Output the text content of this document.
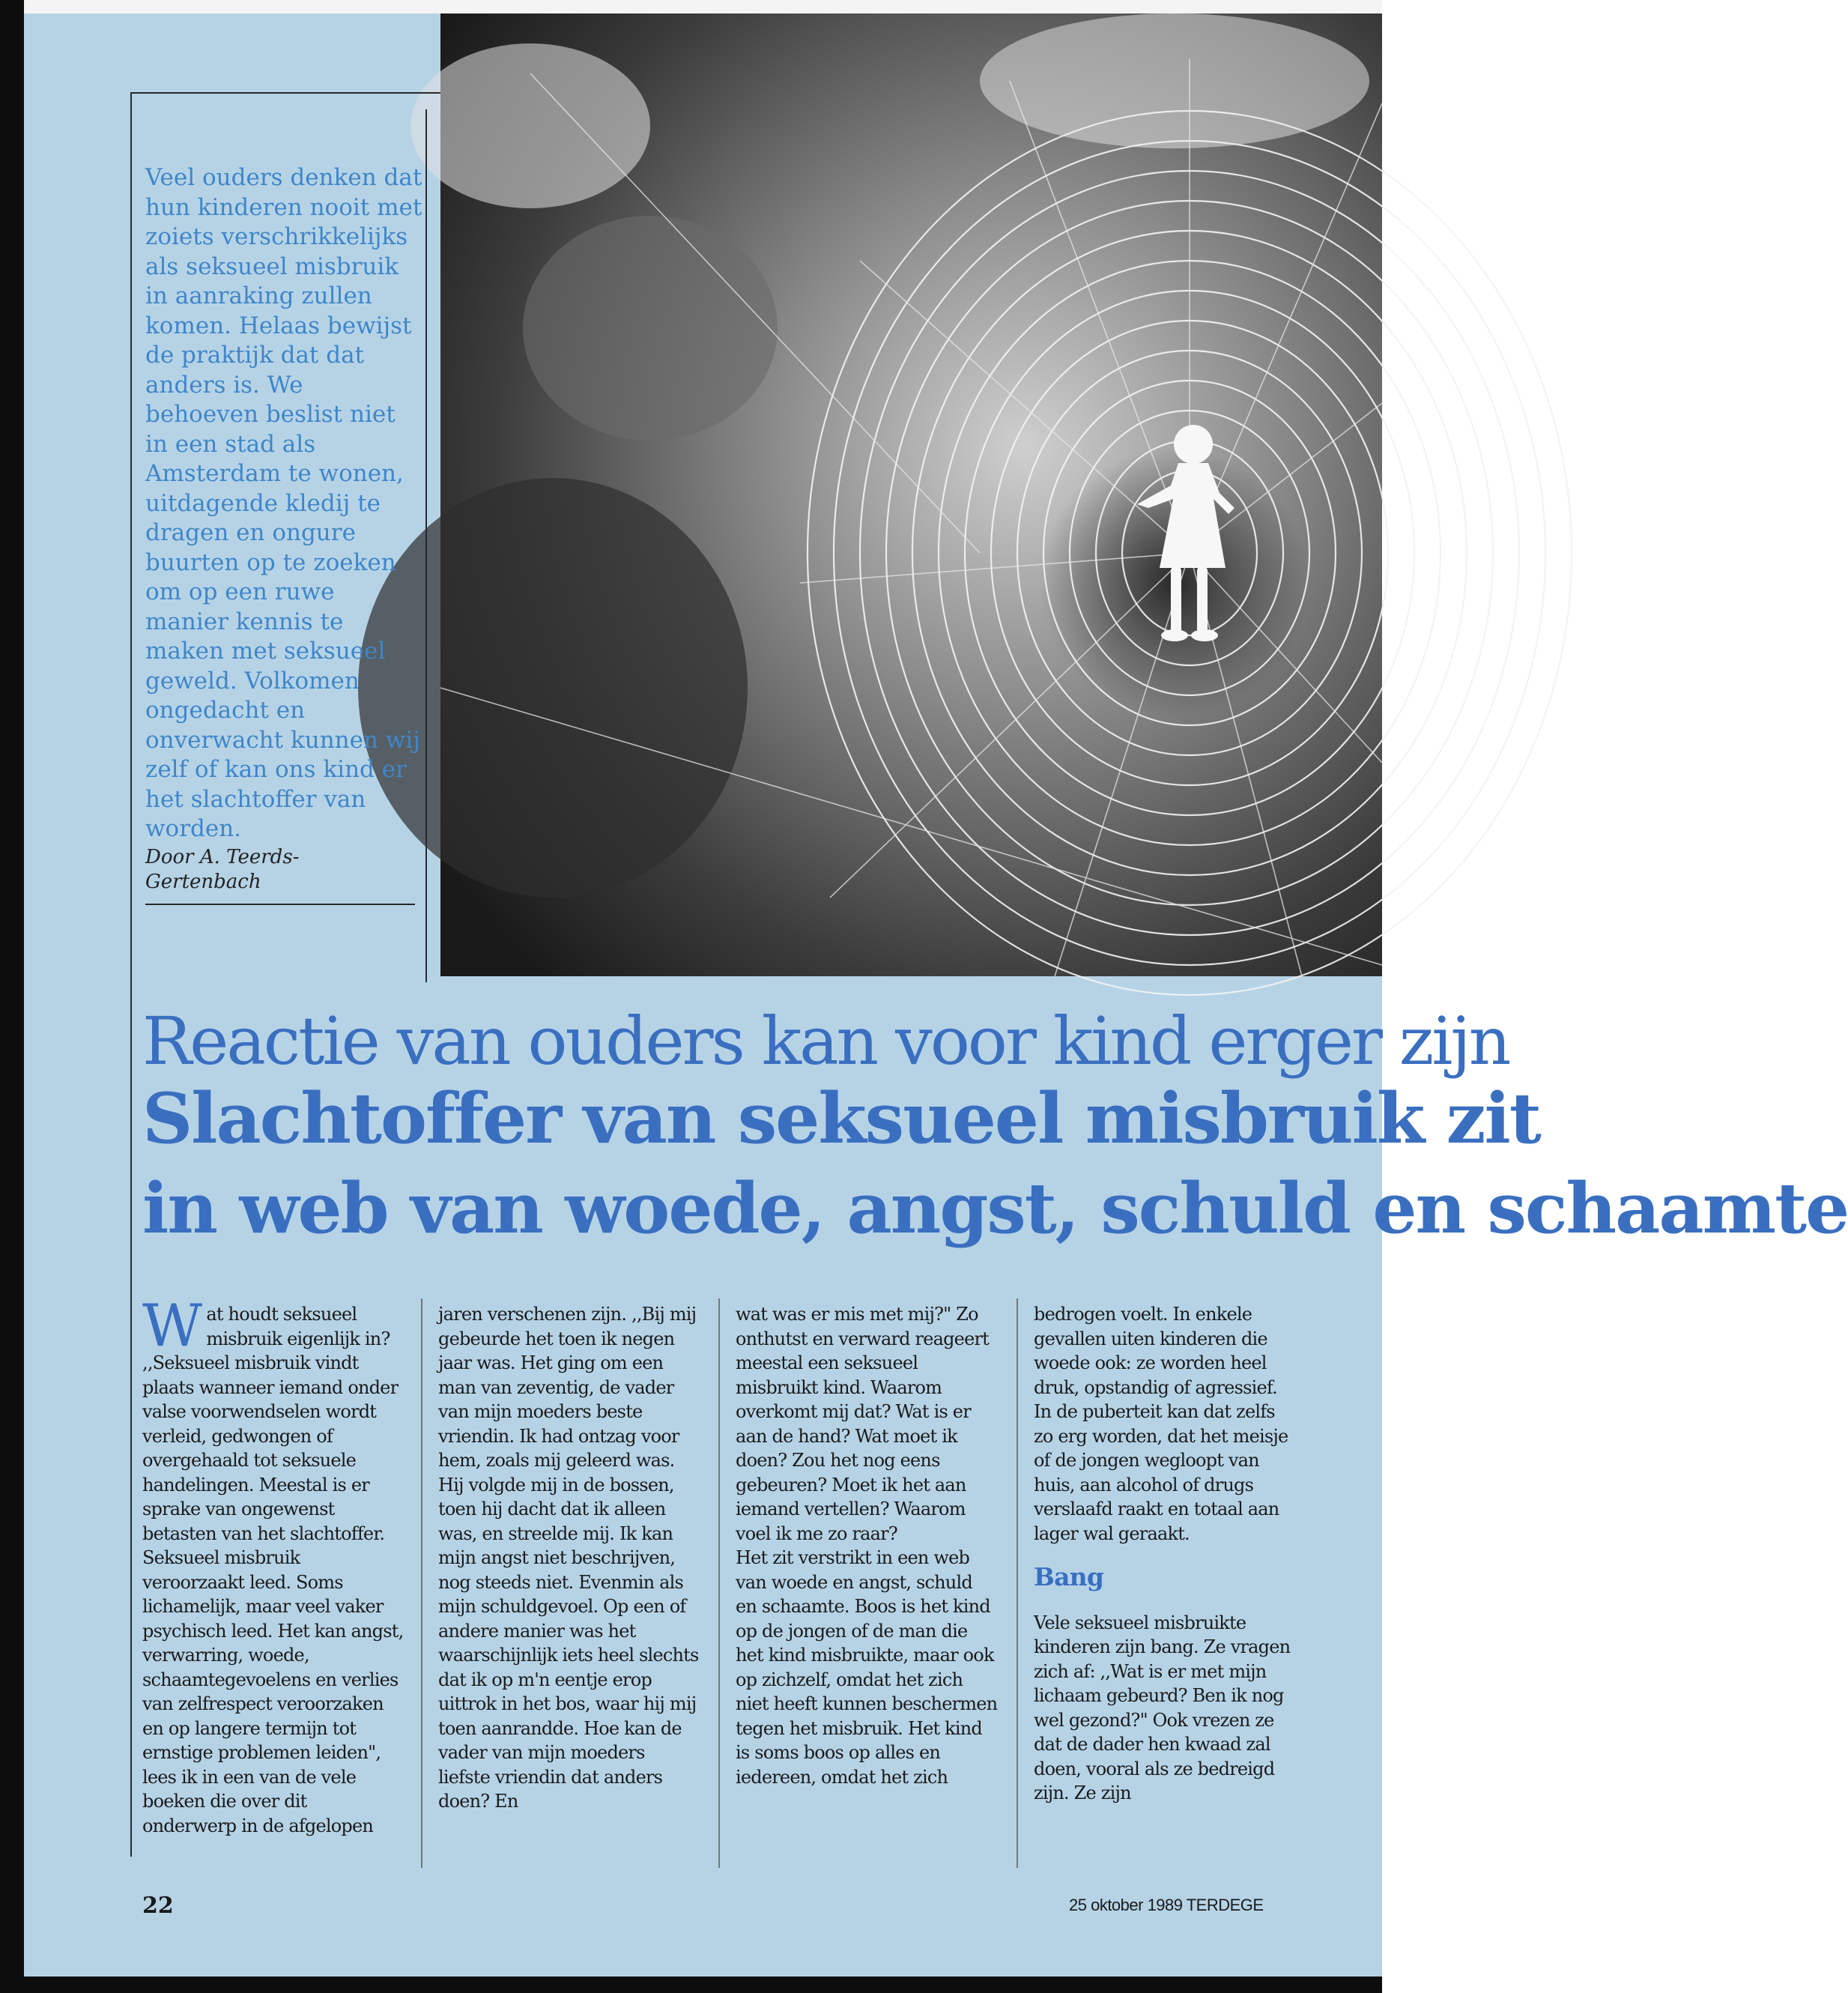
Veel ouders denken dat hun kinderen nooit met zoiets verschrikkelijks als seksueel misbruik in aanraking zullen komen. Helaas bewijst de praktijk dat dat anders is. We behoeven beslist niet in een stad als Amsterdam te wonen, uitdagende kledij te dragen en ongure buurten op te zoeken om op een ruwe manier kennis te maken met seksueel geweld. Volkomen ongedacht en onverwacht kunnen wij zelf of kan ons kind er het slachtoffer van worden.
Door A. Teerds-
Gertenbach
Reactie van ouders kan voor kind erger zijn
Slachtoffer van seksueel misbruik zit
in web van woede, angst, schuld en schaamte

Wat houdt seksueel misbruik eigenlijk in? ,,Seksueel misbruik vindt plaats wanneer iemand onder valse voorwendselen wordt verleid, gedwongen of overgehaald tot seksuele handelingen. Meestal is er sprake van ongewenst betasten van het slachtoffer. Seksueel misbruik veroorzaakt leed. Soms lichamelijk, maar veel vaker psychisch leed. Het kan angst, verwarring, woede, schaamtegevoelens en verlies van zelfrespect veroorzaken en op langere termijn tot ernstige problemen leiden", lees ik in een van de vele boeken die over dit onderwerp in de afgelopen

jaren verschenen zijn. ,,Bij mij gebeurde het toen ik negen jaar was. Het ging om een man van zeventig, de vader van mijn moeders beste vriendin. Ik had ontzag voor hem, zoals mij geleerd was. Hij volgde mij in de bossen, toen hij dacht dat ik alleen was, en streelde mij. Ik kan mijn angst niet beschrijven, nog steeds niet. Evenmin als mijn schuldgevoel. Op een of andere manier was het waarschijnlijk iets heel slechts dat ik op m'n eentje erop uittrok in het bos, waar hij mij toen aanrandde. Hoe kan de vader van mijn moeders liefste vriendin dat anders doen? En

wat was er mis met mij?" Zo onthutst en verward reageert meestal een seksueel misbruikt kind. Waarom overkomt mij dat? Wat is er aan de hand? Wat moet ik doen? Zou het nog eens gebeuren? Moet ik het aan iemand vertellen? Waarom voel ik me zo raar?

Het zit verstrikt in een web van woede en angst, schuld en schaamte. Boos is het kind op de jongen of de man die het kind misbruikte, maar ook op zichzelf, omdat het zich niet heeft kunnen beschermen tegen het misbruik. Het kind is soms boos op alles en iedereen, omdat het zich

bedrogen voelt. In enkele gevallen uiten kinderen die woede ook: ze worden heel druk, opstandig of agressief. In de puberteit kan dat zelfs zo erg worden, dat het meisje of de jongen wegloopt van huis, aan alcohol of drugs verslaafd raakt en totaal aan lager wal geraakt.

Bang

Vele seksueel misbruikte kinderen zijn bang. Ze vragen zich af: ,,Wat is er met mijn lichaam gebeurd? Ben ik nog wel gezond?" Ook vrezen ze dat de dader hen kwaad zal doen, vooral als ze bedreigd zijn. Ze zijn

22	25 oktober 1989 TERDEGE
